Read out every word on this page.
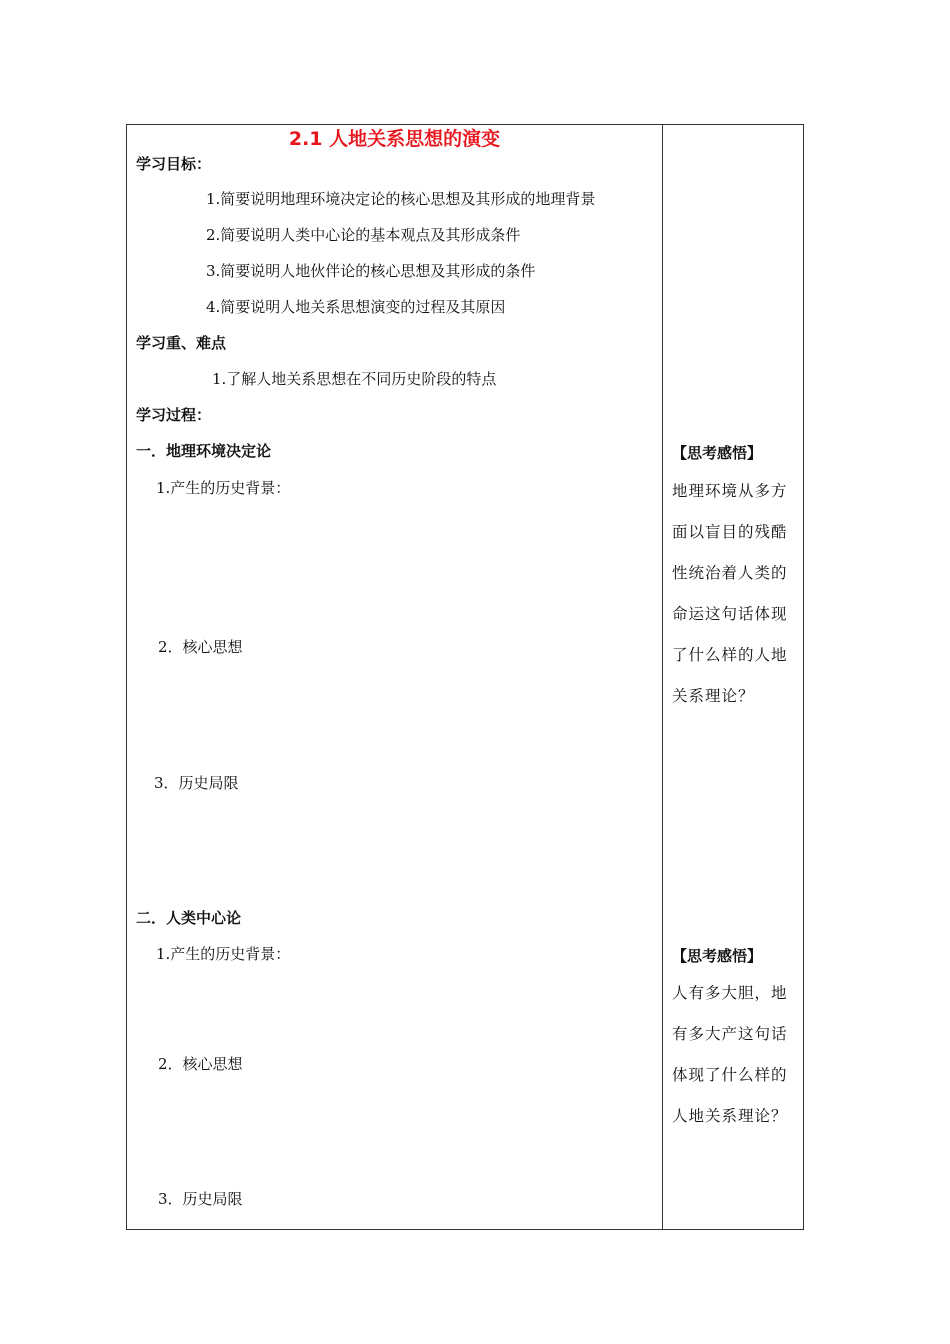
2.1 人地关系思想的演变
学习目标：
1.简要说明地理环境决定论的核心思想及其形成的地理背景
2.简要说明人类中心论的基本观点及其形成条件
3.简要说明人地伙伴论的核心思想及其形成的条件
4.简要说明人地关系思想演变的过程及其原因
学习重、难点
1.了解人地关系思想在不同历史阶段的特点
学习过程：
一．地理环境决定论
1.产生的历史背景：
2．核心思想
3．历史局限
二．人类中心论
1.产生的历史背景：
2．核心思想
3．历史局限
【思考感悟】
地理环境从多方
面以盲目的残酷
性统治着人类的
命运这句话体现
了什么样的人地
关系理论？
【思考感悟】
人有多大胆，地
有多大产这句话
体现了什么样的
人地关系理论？
